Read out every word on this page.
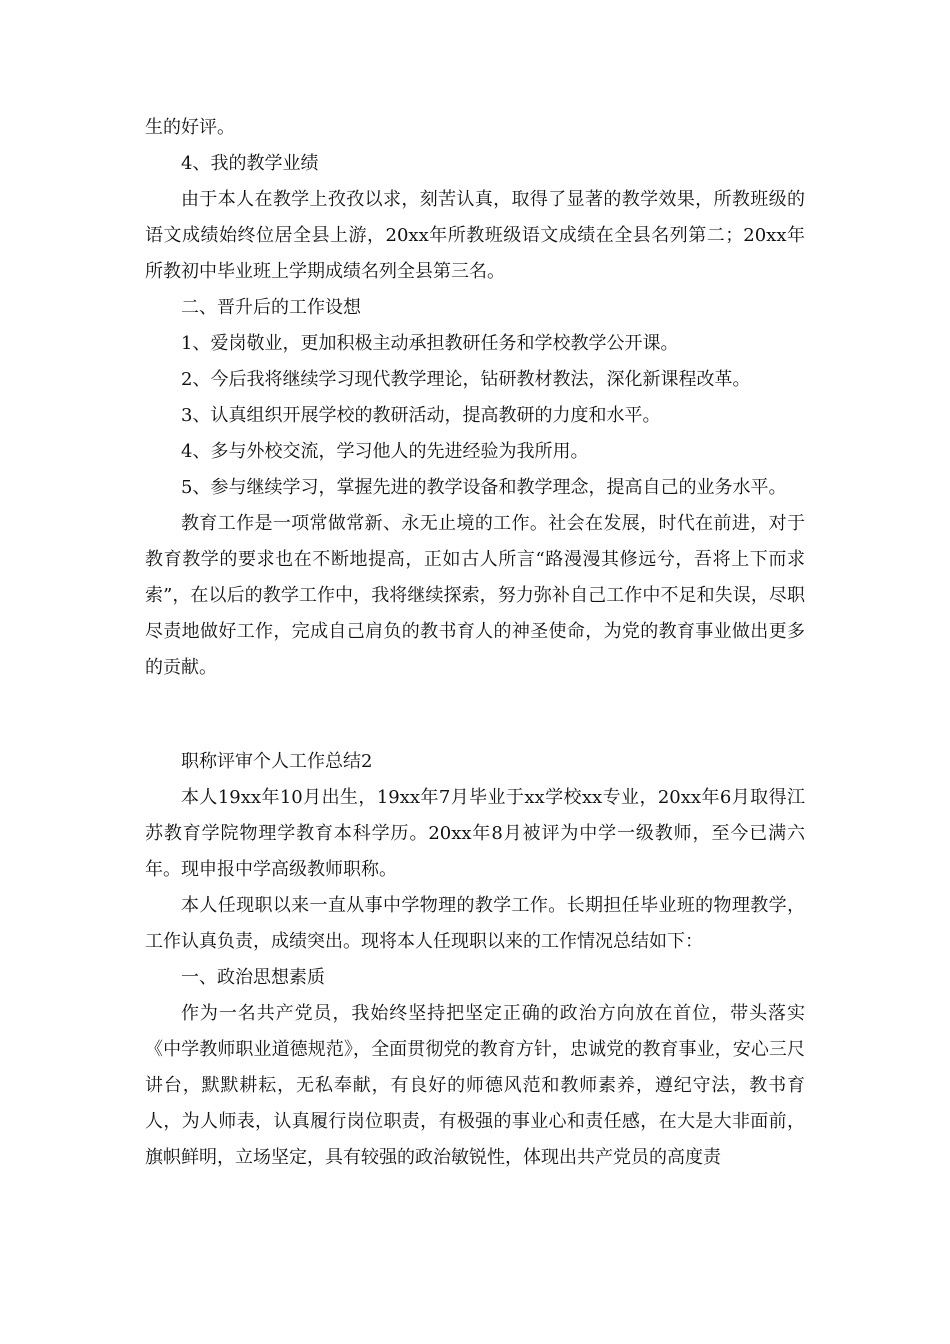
生的好评。

4、我的教学业绩

由于本人在教学上孜孜以求，刻苦认真，取得了显著的教学效果，所教班级的语文成绩始终位居全县上游，20xx年所教班级语文成绩在全县名列第二；20xx年所教初中毕业班上学期成绩名列全县第三名。

二、晋升后的工作设想

1、爱岗敬业，更加积极主动承担教研任务和学校教学公开课。

2、今后我将继续学习现代教学理论，钻研教材教法，深化新课程改革。

3、认真组织开展学校的教研活动，提高教研的力度和水平。

4、多与外校交流，学习他人的先进经验为我所用。

5、参与继续学习，掌握先进的教学设备和教学理念，提高自己的业务水平。

教育工作是一项常做常新、永无止境的工作。社会在发展，时代在前进，对于教育教学的要求也在不断地提高，正如古人所言“路漫漫其修远兮，吾将上下而求索”，在以后的教学工作中，我将继续探索，努力弥补自己工作中不足和失误，尽职尽责地做好工作，完成自己肩负的教书育人的神圣使命，为党的教育事业做出更多的贡献。

职称评审个人工作总结2

本人19xx年10月出生，19xx年7月毕业于xx学校xx专业，20xx年6月取得江苏教育学院物理学教育本科学历。20xx年8月被评为中学一级教师，至今已满六年。现申报中学高级教师职称。

本人任现职以来一直从事中学物理的教学工作。长期担任毕业班的物理教学，工作认真负责，成绩突出。现将本人任现职以来的工作情况总结如下：

一、政治思想素质

作为一名共产党员，我始终坚持把坚定正确的政治方向放在首位，带头落实《中学教师职业道德规范》，全面贯彻党的教育方针，忠诚党的教育事业，安心三尺讲台，默默耕耘，无私奉献，有良好的师德风范和教师素养，遵纪守法，教书育人，为人师表，认真履行岗位职责，有极强的事业心和责任感，在大是大非面前，旗帜鲜明，立场坚定，具有较强的政治敏锐性，体现出共产党员的高度责
